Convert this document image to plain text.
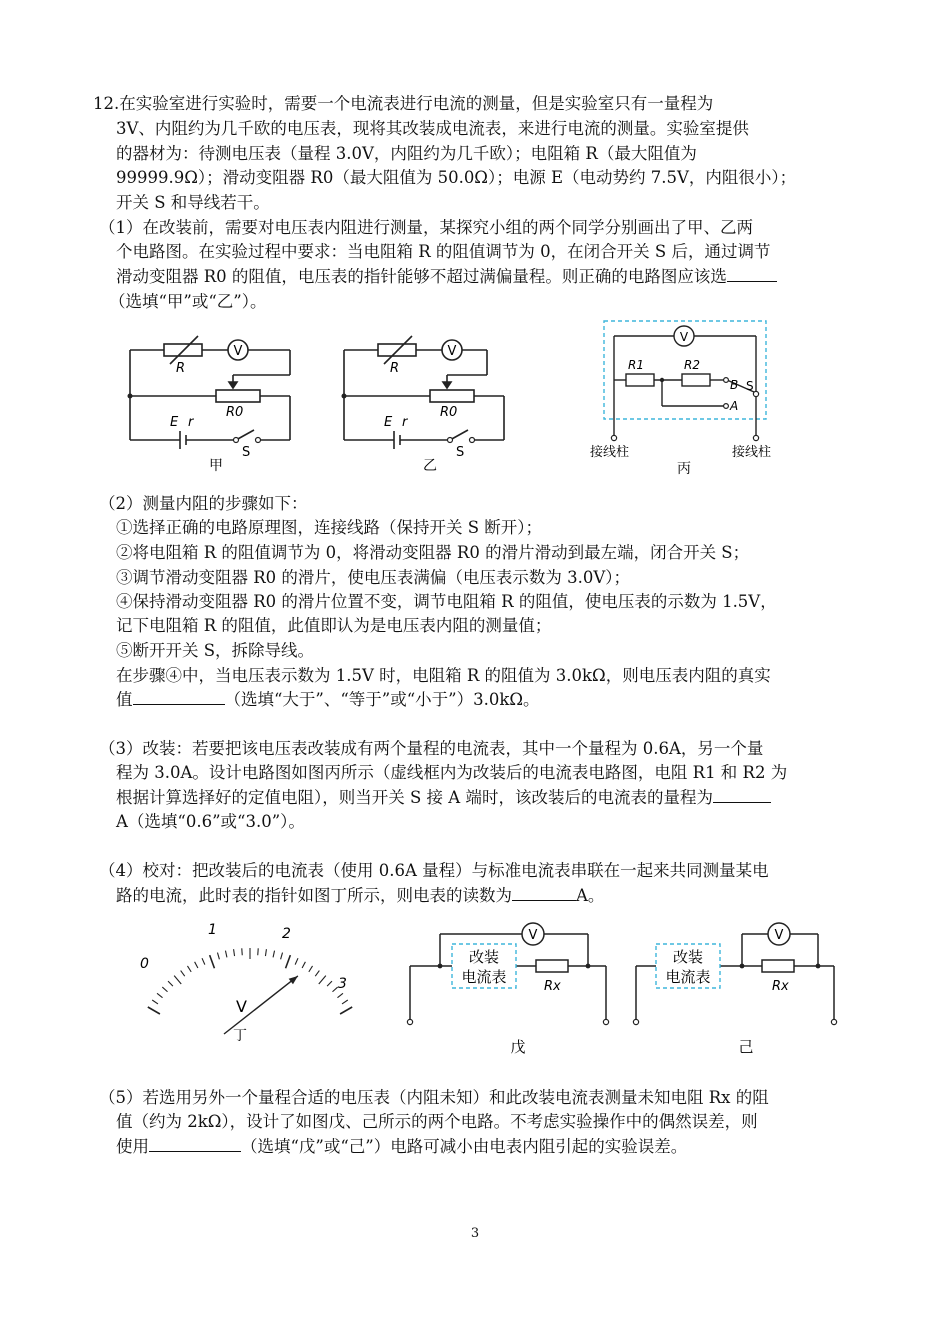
12.在实验室进行实验时，需要一个电流表进行电流的测量，但是实验室只有一量程为
3V、内阻约为几千欧的电压表，现将其改装成电流表，来进行电流的测量。实验室提供
的器材为：待测电压表（量程 3.0V，内阻约为几千欧）；电阻箱 R（最大阻值为
99999.9Ω）；滑动变阻器 R0（最大阻值为 50.0Ω）；电源 E（电动势约 7.5V，内阻很小）；
开关 S 和导线若干。
（1）在改装前，需要对电压表内阻进行测量，某探究小组的两个同学分别画出了甲、乙两
个电路图。在实验过程中要求：当电阻箱 R 的阻值调节为 0，在闭合开关 S 后，通过调节
滑动变阻器 R0 的阻值，电压表的指针能够不超过满偏量程。则正确的电路图应该选
（选填“甲”或“乙”）。
V
R
R0
E r
S
甲
V
R
R0
E r
S
乙
V
R1	R2
B
A
S
接线柱	接线柱
丙
（2）测量内阻的步骤如下：
①选择正确的电路原理图，连接线路（保持开关 S 断开）；
②将电阻箱 R 的阻值调节为 0，将滑动变阻器 R0 的滑片滑动到最左端，闭合开关 S；
③调节滑动变阻器 R0 的滑片，使电压表满偏（电压表示数为 3.0V）；
④保持滑动变阻器 R0 的滑片位置不变，调节电阻箱 R 的阻值，使电压表的示数为 1.5V，
记下电阻箱 R 的阻值，此值即认为是电压表内阻的测量值；
⑤断开开关 S，拆除导线。
在步骤④中，当电压表示数为 1.5V 时，电阻箱 R 的阻值为 3.0kΩ，则电压表内阻的真实
值	（选填“大于”、“等于”或“小于”）3.0kΩ。
（3）改装：若要把该电压表改装成有两个量程的电流表，其中一个量程为 0.6A，另一个量
程为 3.0A。设计电路图如图丙所示（虚线框内为改装后的电流表电路图，电阻 R1 和 R2 为
根据计算选择好的定值电阻），则当开关 S 接 A 端时，该改装后的电流表的量程为
A（选填“0.6”或“3.0”）。
（4）校对：把改装后的电流表（使用 0.6A 量程）与标准电流表串联在一起来共同测量某电
路的电流，此时表的指针如图丁所示，则电表的读数为	A。
0
1	2
3
V
丁
V
改装
电流表
Rx
戊
V
改装
电流表
Rx
己
（5）若选用另外一个量程合适的电压表（内阻未知）和此改装电流表测量未知电阻 Rx 的阻
值（约为 2kΩ），设计了如图戊、己所示的两个电路。不考虑实验操作中的偶然误差，则
使用	（选填“戊”或“己”）电路可减小由电表内阻引起的实验误差。
3
